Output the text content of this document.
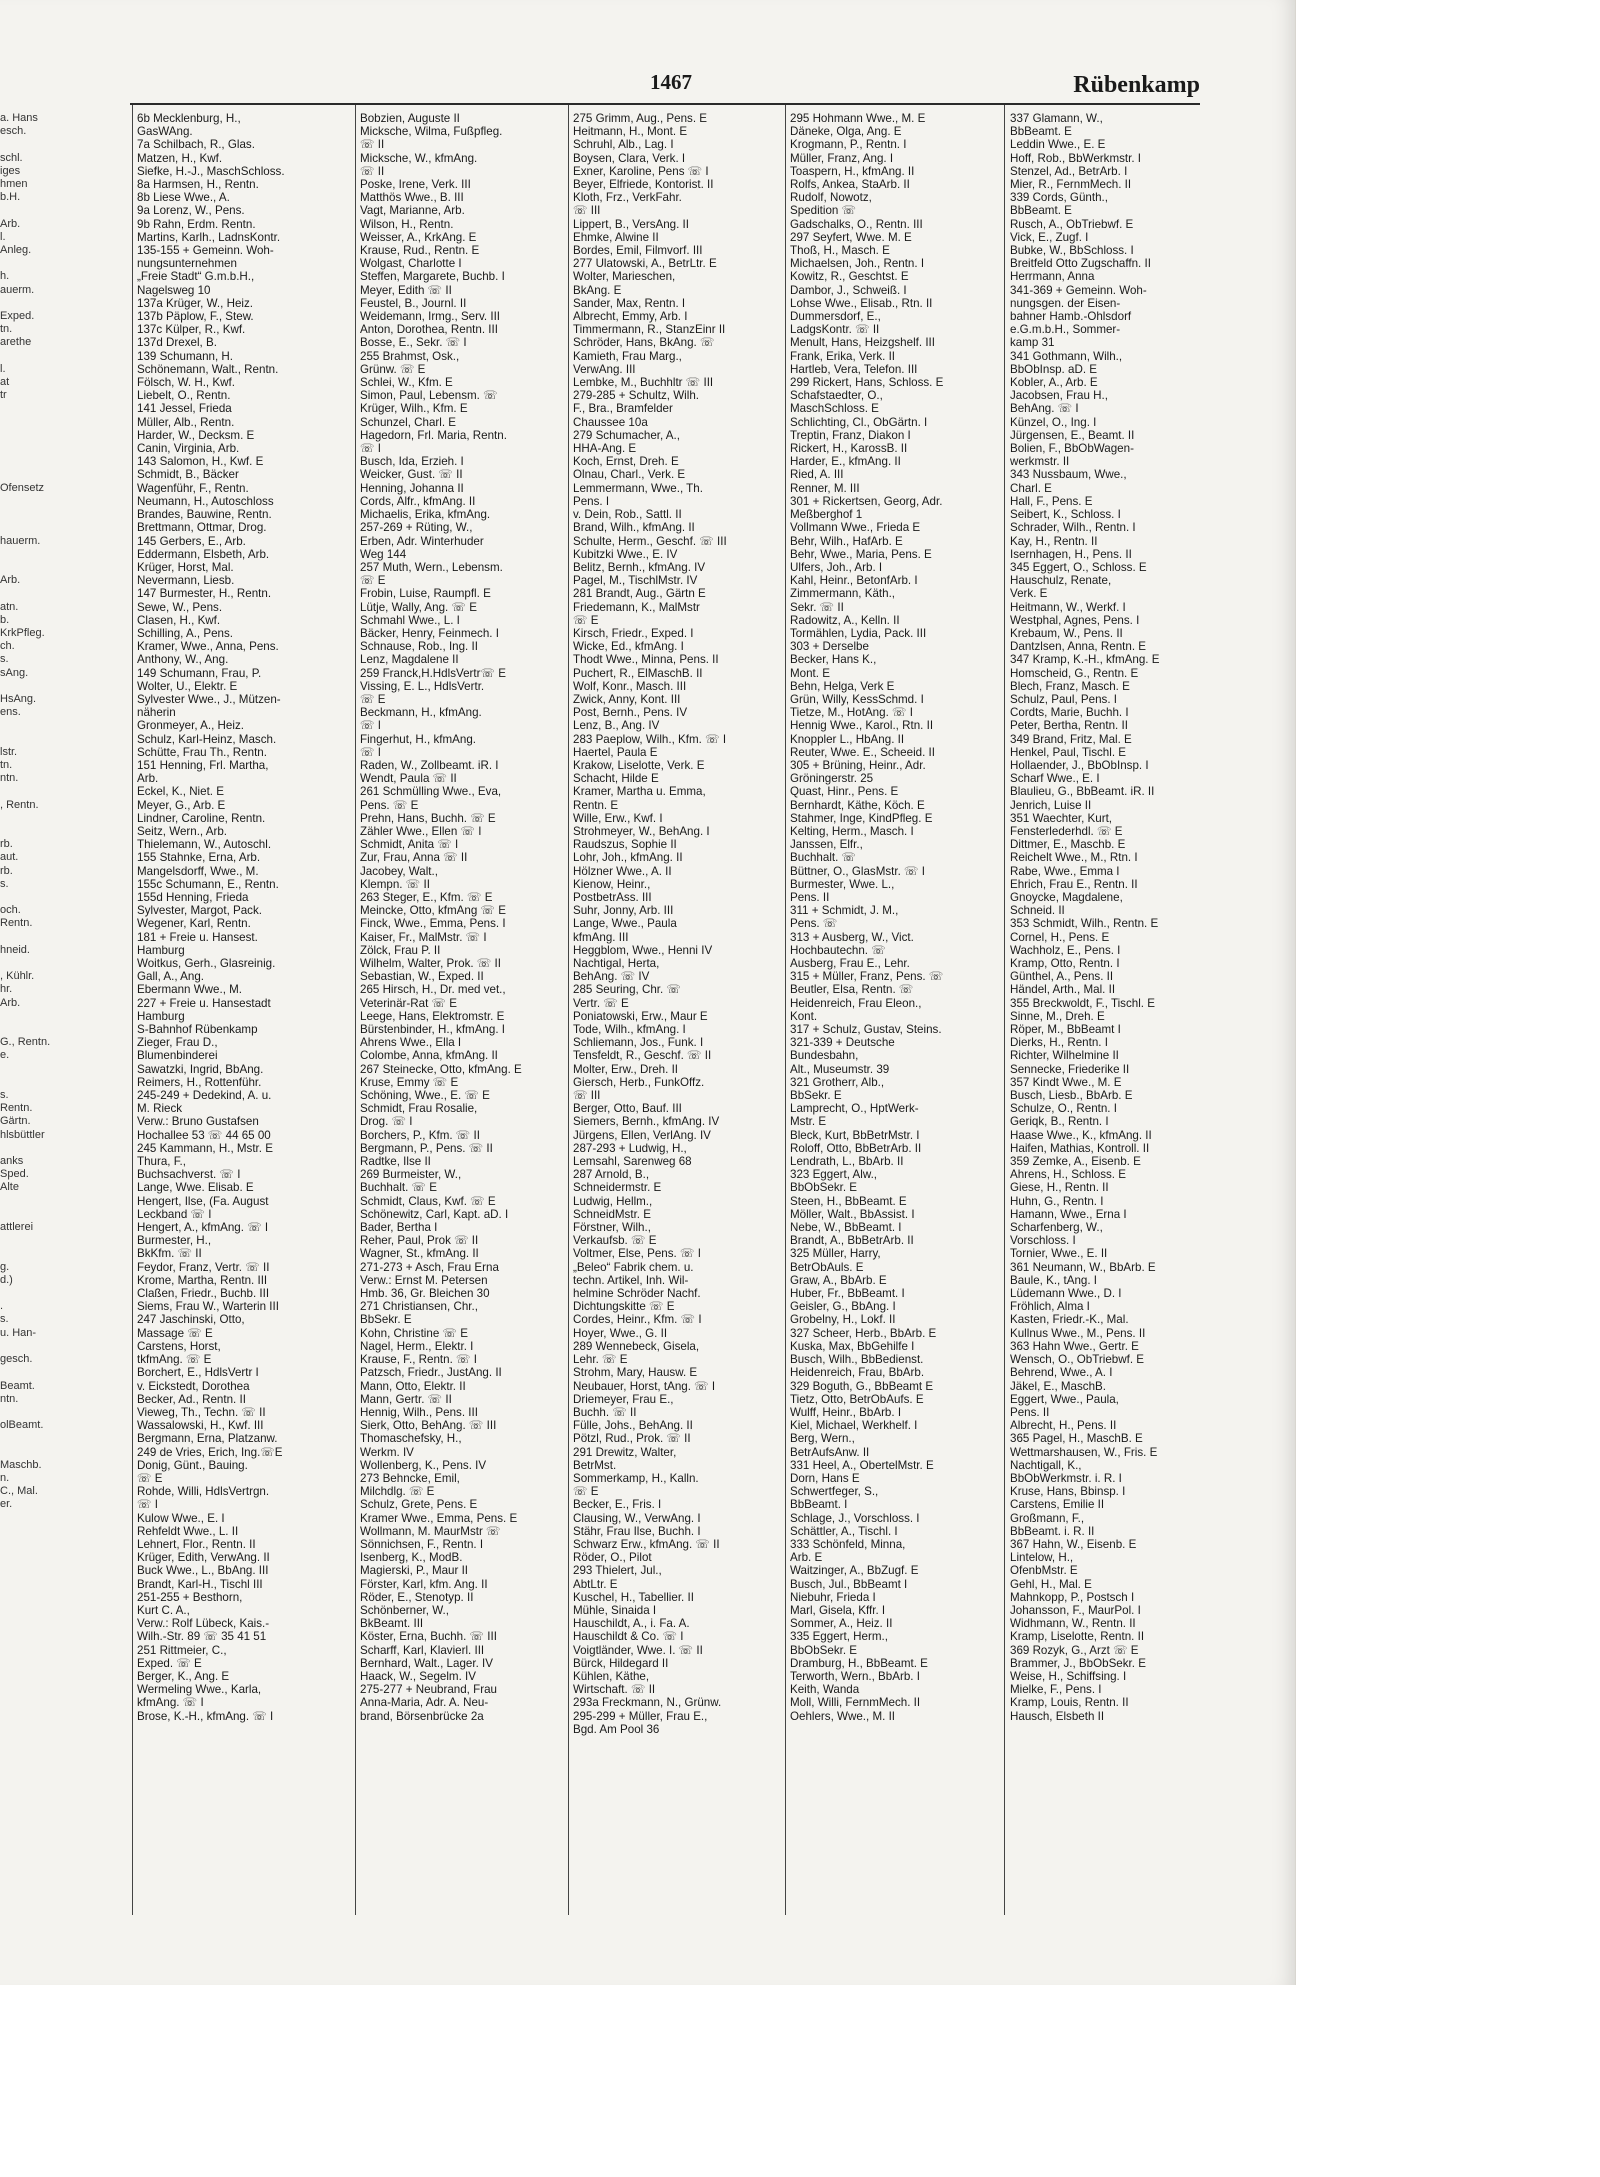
1467	Rübenkamp
a. Hans
esch.

schl.
iges
hmen
b.H.

Arb.
l.
Anleg.

h.
auerm.

Exped.
tn.
arethe

l.
at
tr

Ofensetz

hauerm.

Arb.

atn.
b.
KrkPfleg.
ch.
s.
sAng.

HsAng.
ens.

lstr.
tn.
ntn.

, Rentn.

rb.
aut.
rb.
s.

och.
Rentn.

hneid.

, Kühlr.
hr.
Arb.

G., Rentn.
e.

s.
Rentn.
Gärtn.
hlsbüttler

anks
Sped.
Alte

attlerei

g.
d.)

.
s.
u. Han-

gesch.

Beamt.
ntn.

olBeamt.

Maschb.
n.
C., Mal.
er.
6b Mecklenburg, H.,
GasWAng.
7a Schilbach, R., Glas.
Matzen, H., Kwf.
Siefke, H.-J., MaschSchloss.
8a Harmsen, H., Rentn.
8b Liese Wwe., A.
9a Lorenz, W., Pens.
9b Rahn, Erdm. Rentn.
Martins, Karlh., LadnsKontr.
135-155 + Gemeinn. Woh-
nungsunternehmen
„Freie Stadt“ G.m.b.H.,
Nagelsweg 10
137a Krüger, W., Heiz.
137b Päplow, F., Stew.
137c Külper, R., Kwf.
137d Drexel, B.
139 Schumann, H.
Schönemann, Walt., Rentn.
Fölsch, W. H., Kwf.
Liebelt, O., Rentn.
141 Jessel, Frieda
Müller, Alb., Rentn.
Harder, W., Decksm. E
Canin, Virginia, Arb.
143 Salomon, H., Kwf. E
Schmidt, B., Bäcker
Wagenführ, F., Rentn.
Neumann, H., Autoschloss
Brandes, Bauwine, Rentn.
Brettmann, Ottmar, Drog.
145 Gerbers, E., Arb.
Eddermann, Elsbeth, Arb.
Krüger, Horst, Mal.
Nevermann, Liesb.
147 Burmester, H., Rentn.
Sewe, W., Pens.
Clasen, H., Kwf.
Schilling, A., Pens.
Kramer, Wwe., Anna, Pens.
Anthony, W., Ang.
149 Schumann, Frau, P.
Wolter, U., Elektr. E
Sylvester Wwe., J., Mützen-
näherin
Gronmeyer, A., Heiz.
Schulz, Karl-Heinz, Masch.
Schütte, Frau Th., Rentn.
151 Henning, Frl. Martha,
Arb.
Eckel, K., Niet. E
Meyer, G., Arb. E
Lindner, Caroline, Rentn.
Seitz, Wern., Arb.
Thielemann, W., Autoschl.
155 Stahnke, Erna, Arb.
Mangelsdorff, Wwe., M.
155c Schumann, E., Rentn.
155d Henning, Frieda
Sylvester, Margot, Pack.
Wegener, Karl, Rentn.
181 + Freie u. Hansest.
Hamburg
Woitkus, Gerh., Glasreinig.
Gall, A., Ang.
Ebermann Wwe., M.
227 + Freie u. Hansestadt
Hamburg
S-Bahnhof Rübenkamp
Zieger, Frau D.,
Blumenbinderei
Sawatzki, Ingrid, BbAng.
Reimers, H., Rottenführ.
245-249 + Dedekind, A. u.
M. Rieck
Verw.: Bruno Gustafsen
Hochallee 53 ☏ 44 65 00
245 Kammann, H., Mstr. E
Thura, F.,
Buchsachverst. ☏ I
Lange, Wwe. Elisab. E
Hengert, Ilse, (Fa. August
Leckband ☏ I
Hengert, A., kfmAng. ☏ I
Burmester, H.,
BkKfm. ☏ II
Feydor, Franz, Vertr. ☏ II
Krome, Martha, Rentn. III
Claßen, Friedr., Buchb. III
Siems, Frau W., Warterin III
247 Jaschinski, Otto,
Massage ☏ E
Carstens, Horst,
tkfmAng. ☏ E
Borchert, E., HdlsVertr I
v. Eickstedt, Dorothea
Becker, Ad., Rentn. II
Vieweg, Th., Techn. ☏ II
Wassalowski, H., Kwf. III
Bergmann, Erna, Platzanw.
249 de Vries, Erich, Ing.☏E
Donig, Günt., Bauing.
☏ E
Rohde, Willi, HdlsVertrgn.
☏ I
Kulow Wwe., E. I
Rehfeldt Wwe., L. II
Lehnert, Flor., Rentn. II
Krüger, Edith, VerwAng. II
Buck Wwe., L., BbAng. III
Brandt, Karl-H., Tischl III
251-255 + Besthorn,
Kurt C. A.,
Verw.: Rolf Lübeck, Kais.-
Wilh.-Str. 89 ☏ 35 41 51
251 Rittmeier, C.,
Exped. ☏ E
Berger, K., Ang. E
Wermeling Wwe., Karla,
kfmAng. ☏ I
Brose, K.-H., kfmAng. ☏ I
Bobzien, Auguste II
Micksche, Wilma, Fußpfleg.
☏ II
Micksche, W., kfmAng.
☏ II
Poske, Irene, Verk. III
Matthös Wwe., B. III
Vagt, Marianne, Arb.
Wilson, H., Rentn.
Weisser, A., KrkAng. E
Krause, Rud., Rentn. E
Wolgast, Charlotte I
Steffen, Margarete, Buchb. I
Meyer, Edith ☏ II
Feustel, B., Journl. II
Weidemann, Irmg., Serv. III
Anton, Dorothea, Rentn. III
Bosse, E., Sekr. ☏ I
255 Brahmst, Osk.,
Grünw. ☏ E
Schlei, W., Kfm. E
Simon, Paul, Lebensm. ☏
Krüger, Wilh., Kfm. E
Schunzel, Charl. E
Hagedorn, Frl. Maria, Rentn.
☏ I
Busch, Ida, Erzieh. I
Weicker, Gust. ☏ II
Henning, Johanna II
Cords, Alfr., kfmAng. II
Michaelis, Erika, kfmAng.
257-269 + Rüting, W.,
Erben, Adr. Winterhuder
Weg 144
257 Muth, Wern., Lebensm.
☏ E
Frobin, Luise, Raumpfl. E
Lütje, Wally, Ang. ☏ E
Schmahl Wwe., L. I
Bäcker, Henry, Feinmech. I
Schnause, Rob., Ing. II
Lenz, Magdalene II
259 Franck,H.HdlsVertr☏ E
Vissing, E. L., HdlsVertr.
☏ E
Beckmann, H., kfmAng.
☏ I
Fingerhut, H., kfmAng.
☏ I
Raden, W., Zollbeamt. iR. I
Wendt, Paula ☏ II
261 Schmülling Wwe., Eva,
Pens. ☏ E
Prehn, Hans, Buchh. ☏ E
Zähler Wwe., Ellen ☏ I
Schmidt, Anita ☏ I
Zur, Frau, Anna ☏ II
Jacobey, Walt.,
Klempn. ☏ II
263 Steger, E., Kfm. ☏ E
Meincke, Otto, kfmAng ☏ E
Finck, Wwe., Emma, Pens. I
Kaiser, Fr., MalMstr. ☏ I
Zölck, Frau P. II
Wilhelm, Walter, Prok. ☏ II
Sebastian, W., Exped. II
265 Hirsch, H., Dr. med vet.,
Veterinär-Rat ☏ E
Leege, Hans, Elektromstr. E
Bürstenbinder, H., kfmAng. I
Ahrens Wwe., Ella I
Colombe, Anna, kfmAng. II
267 Steinecke, Otto, kfmAng. E
Kruse, Emmy ☏ E
Schöning, Wwe., E. ☏ E
Schmidt, Frau Rosalie,
Drog. ☏ I
Borchers, P., Kfm. ☏ II
Bergmann, P., Pens. ☏ II
Radtke, Ilse II
269 Burmeister, W.,
Buchhalt. ☏ E
Schmidt, Claus, Kwf. ☏ E
Schönewitz, Carl, Kapt. aD. I
Bader, Bertha I
Reher, Paul, Prok ☏ II
Wagner, St., kfmAng. II
271-273 + Asch, Frau Erna
Verw.: Ernst M. Petersen
Hmb. 36, Gr. Bleichen 30
271 Christiansen, Chr.,
BbSekr. E
Kohn, Christine ☏ E
Nagel, Herm., Elektr. I
Krause, F., Rentn. ☏ I
Patzsch, Friedr., JustAng. II
Mann, Otto, Elektr. II
Mann, Gertr. ☏ II
Hennig, Wilh., Pens. III
Sierk, Otto, BehAng. ☏ III
Thomaschefsky, H.,
Werkm. IV
Wollenberg, K., Pens. IV
273 Behncke, Emil,
Milchdlg. ☏ E
Schulz, Grete, Pens. E
Kramer Wwe., Emma, Pens. E
Wollmann, M. MaurMstr ☏
Sönnichsen, F., Rentn. I
Isenberg, K., ModB.
Magierski, P., Maur II
Förster, Karl, kfm. Ang. II
Röder, E., Stenotyp. II
Schönberner, W.,
BkBeamt. III
Köster, Erna, Buchh. ☏ III
Scharff, Karl, Klavierl. III
Bernhard, Walt., Lager. IV
Haack, W., Segelm. IV
275-277 + Neubrand, Frau
Anna-Maria, Adr. A. Neu-
brand, Börsenbrücke 2a
275 Grimm, Aug., Pens. E
Heitmann, H., Mont. E
Schruhl, Alb., Lag. I
Boysen, Clara, Verk. I
Exner, Karoline, Pens ☏ I
Beyer, Elfriede, Kontorist. II
Kloth, Frz., VerkFahr.
☏ III
Lippert, B., VersAng. II
Ehmke, Alwine II
Bordes, Emil, Filmvorf. III
277 Ulatowski, A., BetrLtr. E
Wolter, Marieschen,
BkAng. E
Sander, Max, Rentn. I
Albrecht, Emmy, Arb. I
Timmermann, R., StanzEinr II
Schröder, Hans, BkAng. ☏
Kamieth, Frau Marg.,
VerwAng. III
Lembke, M., Buchhltr ☏ III
279-285 + Schultz, Wilh.
F., Bra., Bramfelder
Chaussee 10a
279 Schumacher, A.,
HHA-Ang. E
Koch, Ernst, Dreh. E
Olnau, Charl., Verk. E
Lemmermann, Wwe., Th.
Pens. I
v. Dein, Rob., Sattl. II
Brand, Wilh., kfmAng. II
Schulte, Herm., Geschf. ☏ III
Kubitzki Wwe., E. IV
Belitz, Bernh., kfmAng. IV
Pagel, M., TischlMstr. IV
281 Brandt, Aug., Gärtn E
Friedemann, K., MalMstr
☏ E
Kirsch, Friedr., Exped. I
Wicke, Ed., kfmAng. I
Thodt Wwe., Minna, Pens. II
Puchert, R., ElMaschB. II
Wolf, Konr., Masch. III
Zwick, Anny, Kont. III
Post, Bernh., Pens. IV
Lenz, B., Ang. IV
283 Paeplow, Wilh., Kfm. ☏ I
Haertel, Paula E
Krakow, Liselotte, Verk. E
Schacht, Hilde E
Kramer, Martha u. Emma,
Rentn. E
Wille, Erw., Kwf. I
Strohmeyer, W., BehAng. I
Raudszus, Sophie II
Lohr, Joh., kfmAng. II
Hölzner Wwe., A. II
Kienow, Heinr.,
PostbetrAss. III
Suhr, Jonny, Arb. III
Lange, Wwe., Paula
kfmAng. III
Heggblom, Wwe., Henni IV
Nachtigal, Herta,
BehAng. ☏ IV
285 Seuring, Chr. ☏
Vertr. ☏ E
Poniatowski, Erw., Maur E
Tode, Wilh., kfmAng. I
Schliemann, Jos., Funk. I
Tensfeldt, R., Geschf. ☏ II
Molter, Erw., Dreh. II
Giersch, Herb., FunkOffz.
☏ III
Berger, Otto, Bauf. III
Siemers, Bernh., kfmAng. IV
Jürgens, Ellen, VerlAng. IV
287-293 + Ludwig, H.,
Lemsahl, Sarenweg 68
287 Arnold, B.,
Schneidermstr. E
Ludwig, Hellm.,
SchneidMstr. E
Förstner, Wilh.,
Verkaufsb. ☏ E
Voltmer, Else, Pens. ☏ I
„Beleo“ Fabrik chem. u.
techn. Artikel, Inh. Wil-
helmine Schröder Nachf.
Dichtungskitte ☏ E
Cordes, Heinr., Kfm. ☏ I
Hoyer, Wwe., G. II
289 Wennebeck, Gisela,
Lehr. ☏ E
Strohm, Mary, Hausw. E
Neubauer, Horst, tAng. ☏ I
Driemeyer, Frau E.,
Buchh. ☏ II
Fülle, Johs., BehAng. II
Pötzl, Rud., Prok. ☏ II
291 Drewitz, Walter,
BetrMst.
Sommerkamp, H., Kalln.
☏ E
Becker, E., Fris. I
Clausing, W., VerwAng. I
Stähr, Frau Ilse, Buchh. I
Schwarz Erw., kfmAng. ☏ II
Röder, O., Pilot
293 Thielert, Jul.,
AbtLtr. E
Kuschel, H., Tabellier. II
Mühle, Sinaida I
Hauschildt, A., i. Fa. A.
Hauschildt & Co. ☏ I
Voigtländer, Wwe. I. ☏ II
Bürck, Hildegard II
Kühlen, Käthe,
Wirtschaft. ☏ II
293a Freckmann, N., Grünw.
295-299 + Müller, Frau E.,
Bgd. Am Pool 36
295 Hohmann Wwe., M. E
Däneke, Olga, Ang. E
Krogmann, P., Rentn. I
Müller, Franz, Ang. I
Toaspern, H., kfmAng. II
Rolfs, Ankea, StaArb. II
Rudolf, Nowotz,
Spedition ☏
Gadschalks, O., Rentn. III
297 Seyfert, Wwe. M. E
Thoß, H., Masch. E
Michaelsen, Joh., Rentn. I
Kowitz, R., Geschtst. E
Dambor, J., Schweiß. I
Lohse Wwe., Elisab., Rtn. II
Dummersdorf, E.,
LadgsKontr. ☏ II
Menult, Hans, Heizgshelf. III
Frank, Erika, Verk. II
Hartleb, Vera, Telefon. III
299 Rickert, Hans, Schloss. E
Schafstaedter, O.,
MaschSchloss. E
Schlichting, Cl., ObGärtn. I
Treptin, Franz, Diakon I
Rickert, H., KarossB. II
Harder, E., kfmAng. II
Ried, A. III
Renner, M. III
301 + Rickertsen, Georg, Adr.
Meßberghof 1
Vollmann Wwe., Frieda E
Behr, Wilh., HafArb. E
Behr, Wwe., Maria, Pens. E
Ulfers, Joh., Arb. I
Kahl, Heinr., BetonfArb. I
Zimmermann, Käth.,
Sekr. ☏ II
Radowitz, A., Kelln. II
Tormählen, Lydia, Pack. III
303 + Derselbe
Becker, Hans K.,
Mont. E
Behn, Helga, Verk E
Grün, Willy, KessSchmd. I
Tietze, M., HotAng. ☏ I
Hennig Wwe., Karol., Rtn. II
Knoppler L., HbAng. II
Reuter, Wwe. E., Scheeid. II
305 + Brüning, Heinr., Adr.
Gröningerstr. 25
Quast, Hinr., Pens. E
Bernhardt, Käthe, Köch. E
Stahmer, Inge, KindPfleg. E
Kelting, Herm., Masch. I
Janssen, Elfr.,
Buchhalt. ☏
Büttner, O., GlasMstr. ☏ I
Burmester, Wwe. L.,
Pens. II
311 + Schmidt, J. M.,
Pens. ☏
313 + Ausberg, W., Vict.
Hochbautechn. ☏
Ausberg, Frau E., Lehr.
315 + Müller, Franz, Pens. ☏
Beutler, Elsa, Rentn. ☏
Heidenreich, Frau Eleon.,
Kont.
317 + Schulz, Gustav, Steins.
321-339 + Deutsche
Bundesbahn,
Alt., Museumstr. 39
321 Grotherr, Alb.,
BbSekr. E
Lamprecht, O., HptWerk-
Mstr. E
Bleck, Kurt, BbBetrMstr. I
Roloff, Otto, BbBetrArb. II
Lendrath, L., BbArb. II
323 Eggert, Alw.,
BbObSekr. E
Steen, H., BbBeamt. E
Möller, Walt., BbAssist. I
Nebe, W., BbBeamt. I
Brandt, A., BbBetrArb. II
325 Müller, Harry,
BetrObAuls. E
Graw, A., BbArb. E
Huber, Fr., BbBeamt. I
Geisler, G., BbAng. I
Grobelny, H., Lokf. II
327 Scheer, Herb., BbArb. E
Kuska, Max, BbGehilfe I
Busch, Wilh., BbBedienst.
Heidenreich, Frau, BbArb.
329 Boguth, G., BbBeamt E
Tietz, Otto, BetrObAufs. E
Wulff, Heinr., BbArb. I
Kiel, Michael, Werkhelf. I
Berg, Wern.,
BetrAufsAnw. II
331 Heel, A., ObertelMstr. E
Dorn, Hans E
Schwertfeger, S.,
BbBeamt. I
Schlage, J., Vorschloss. I
Schättler, A., Tischl. I
333 Schönfeld, Minna,
Arb. E
Waitzinger, A., BbZugf. E
Busch, Jul., BbBeamt I
Niebuhr, Frieda I
Marl, Gisela, Kffr. I
Sommer, A., Heiz. II
335 Eggert, Herm.,
BbObSekr. E
Dramburg, H., BbBeamt. E
Terworth, Wern., BbArb. I
Keith, Wanda
Moll, Willi, FernmMech. II
Oehlers, Wwe., M. II
337 Glamann, W.,
BbBeamt. E
Leddin Wwe., E. E
Hoff, Rob., BbWerkmstr. I
Stenzel, Ad., BetrArb. I
Mier, R., FernmMech. II
339 Cords, Günth.,
BbBeamt. E
Rusch, A., ObTriebwf. E
Vick, E., Zugf. I
Bubke, W., BbSchloss. I
Breitfeld Otto Zugschaffn. II
Herrmann, Anna
341-369 + Gemeinn. Woh-
nungsgen. der Eisen-
bahner Hamb.-Ohlsdorf
e.G.m.b.H., Sommer-
kamp 31
341 Gothmann, Wilh.,
BbObInsp. aD. E
Kobler, A., Arb. E
Jacobsen, Frau H.,
BehAng. ☏ I
Künzel, O., Ing. I
Jürgensen, E., Beamt. II
Bolien, F., BbObWagen-
werkmstr. II
343 Nussbaum, Wwe.,
Charl. E
Hall, F., Pens. E
Seibert, K., Schloss. I
Schrader, Wilh., Rentn. I
Kay, H., Rentn. II
Isernhagen, H., Pens. II
345 Eggert, O., Schloss. E
Hauschulz, Renate,
Verk. E
Heitmann, W., Werkf. I
Westphal, Agnes, Pens. I
Krebaum, W., Pens. II
Dantzlsen, Anna, Rentn. E
347 Kramp, K.-H., kfmAng. E
Homscheid, G., Rentn. E
Blech, Franz, Masch. E
Schulz, Paul, Pens. I
Cordts, Marie, Buchh. I
Peter, Bertha, Rentn. II
349 Brand, Fritz, Mal. E
Henkel, Paul, Tischl. E
Hollaender, J., BbObInsp. I
Scharf Wwe., E. I
Blaulieu, G., BbBeamt. iR. II
Jenrich, Luise II
351 Waechter, Kurt,
Fensterlederhdl. ☏ E
Dittmer, E., Maschb. E
Reichelt Wwe., M., Rtn. I
Rabe, Wwe., Emma I
Ehrich, Frau E., Rentn. II
Gnoycke, Magdalene,
Schneid. II
353 Schmidt, Wilh., Rentn. E
Cornel, H., Pens. E
Wachholz, E., Pens. I
Kramp, Otto, Rentn. I
Günthel, A., Pens. II
Händel, Arth., Mal. II
355 Breckwoldt, F., Tischl. E
Sinne, M., Dreh. E
Röper, M., BbBeamt I
Dierks, H., Rentn. I
Richter, Wilhelmine II
Sennecke, Friederike II
357 Kindt Wwe., M. E
Busch, Liesb., BbArb. E
Schulze, O., Rentn. I
Geriqk, B., Rentn. I
Haase Wwe., K., kfmAng. II
Haifen, Mathias, Kontroll. II
359 Zemke, A., Eisenb. E
Ahrens, H., Schloss. E
Giese, H., Rentn. II
Huhn, G., Rentn. I
Hamann, Wwe., Erna I
Scharfenberg, W.,
Vorschloss. I
Tornier, Wwe., E. II
361 Neumann, W., BbArb. E
Baule, K., tAng. I
Lüdemann Wwe., D. I
Fröhlich, Alma I
Kasten, Friedr.-K., Mal.
Kullnus Wwe., M., Pens. II
363 Hahn Wwe., Gertr. E
Wensch, O., ObTriebwf. E
Behrend, Wwe., A. I
Jäkel, E., MaschB.
Eggert, Wwe., Paula,
Pens. II
Albrecht, H., Pens. II
365 Pagel, H., MaschB. E
Wettmarshausen, W., Fris. E
Nachtigall, K.,
BbObWerkmstr. i. R. I
Kruse, Hans, Bbinsp. I
Carstens, Emilie II
Großmann, F.,
BbBeamt. i. R. II
367 Hahn, W., Eisenb. E
Lintelow, H.,
OfenbMstr. E
Gehl, H., Mal. E
Mahnkopp, P., Postsch I
Johansson, F., MaurPol. I
Widhmann, W., Rentn. II
Kramp, Liselotte, Rentn. II
369 Rozyk, G., Arzt ☏ E
Brammer, J., BbObSekr. E
Weise, H., Schiffsing. I
Mielke, F., Pens. I
Kramp, Louis, Rentn. II
Hausch, Elsbeth II
